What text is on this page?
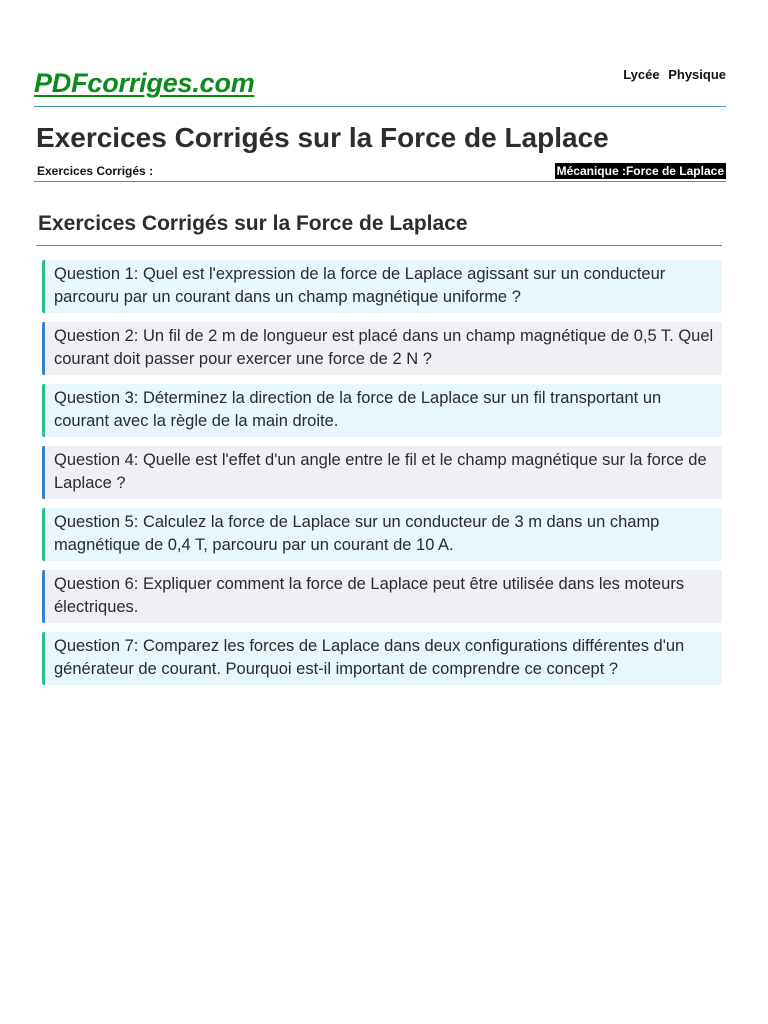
PDFcorriges.com	Lycée Physique
Exercices Corrigés sur la Force de Laplace
Exercices Corrigés :	Mécanique :Force de Laplace
Exercices Corrigés sur la Force de Laplace
Question 1: Quel est l'expression de la force de Laplace agissant sur un conducteur parcouru par un courant dans un champ magnétique uniforme ?
Question 2: Un fil de 2 m de longueur est placé dans un champ magnétique de 0,5 T. Quel courant doit passer pour exercer une force de 2 N ?
Question 3: Déterminez la direction de la force de Laplace sur un fil transportant un courant avec la règle de la main droite.
Question 4: Quelle est l'effet d'un angle entre le fil et le champ magnétique sur la force de Laplace ?
Question 5: Calculez la force de Laplace sur un conducteur de 3 m dans un champ magnétique de 0,4 T, parcouru par un courant de 10 A.
Question 6: Expliquer comment la force de Laplace peut être utilisée dans les moteurs électriques.
Question 7: Comparez les forces de Laplace dans deux configurations différentes d'un générateur de courant. Pourquoi est-il important de comprendre ce concept ?
